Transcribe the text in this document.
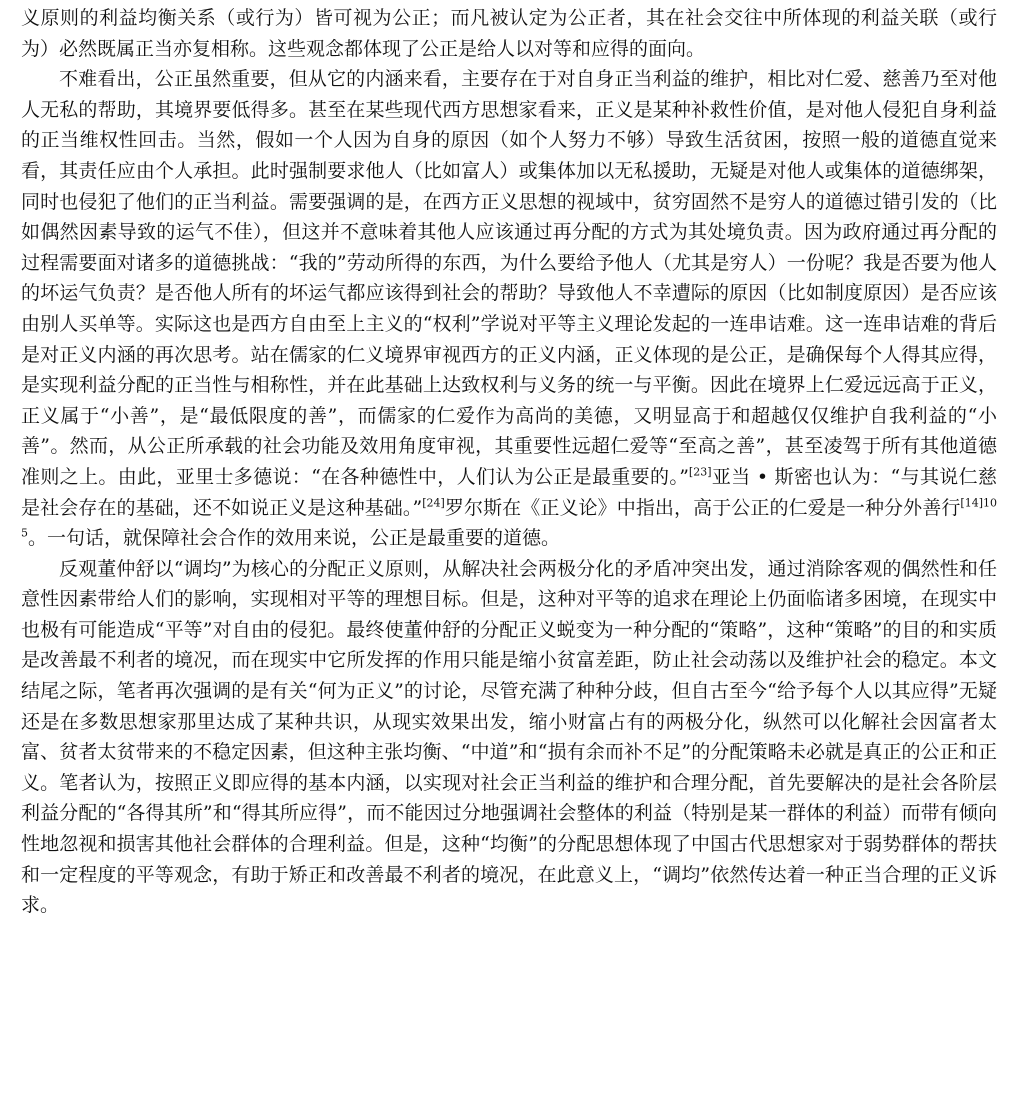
义原则的利益均衡关系（或行为）皆可视为公正；而凡被认定为公正者，其在社会交往中所体现的利益关联（或行为）必然既属正当亦复相称。这些观念都体现了公正是给人以对等和应得的面向。

不难看出，公正虽然重要，但从它的内涵来看，主要存在于对自身正当利益的维护，相比对仁爱、慈善乃至对他人无私的帮助，其境界要低得多。甚至在某些现代西方思想家看来，正义是某种补救性价值，是对他人侵犯自身利益的正当维权性回击。当然，假如一个人因为自身的原因（如个人努力不够）导致生活贫困，按照一般的道德直觉来看，其责任应由个人承担。此时强制要求他人（比如富人）或集体加以无私援助，无疑是对他人或集体的道德绑架，同时也侵犯了他们的正当利益。需要强调的是，在西方正义思想的视域中，贫穷固然不是穷人的道德过错引发的（比如偶然因素导致的运气不佳），但这并不意味着其他人应该通过再分配的方式为其处境负责。因为政府通过再分配的过程需要面对诸多的道德挑战：“我的”劳动所得的东西，为什么要给予他人（尤其是穷人）一份呢？我是否要为他人的坏运气负责？是否他人所有的坏运气都应该得到社会的帮助？导致他人不幸遭际的原因（比如制度原因）是否应该由别人买单等。实际这也是西方自由至上主义的“权利”学说对平等主义理论发起的一连串诘难。这一连串诘难的背后是对正义内涵的再次思考。站在儒家的仁义境界审视西方的正义内涵，正义体现的是公正，是确保每个人得其应得，是实现利益分配的正当性与相称性，并在此基础上达致权利与义务的统一与平衡。因此在境界上仁爱远远高于正义，正义属于“小善”，是“最低限度的善”，而儒家的仁爱作为高尚的美德，又明显高于和超越仅仅维护自我利益的“小善”。然而，从公正所承载的社会功能及效用角度审视，其重要性远超仁爱等“至高之善”，甚至凌驾于所有其他道德准则之上。由此，亚里士多德说：“在各种德性中，人们认为公正是最重要的。”[23]亚当 • 斯密也认为：“与其说仁慈是社会存在的基础，还不如说正义是这种基础。”[24]罗尔斯在《正义论》中指出，高于公正的仁爱是一种分外善行$^{[14]105}$。一句话，就保障社会合作的效用来说，公正是最重要的道德。

反观董仲舒以“调均”为核心的分配正义原则，从解决社会两极分化的矛盾冲突出发，通过消除客观的偶然性和任意性因素带给人们的影响，实现相对平等的理想目标。但是，这种对平等的追求在理论上仍面临诸多困境，在现实中也极有可能造成“平等”对自由的侵犯。最终使董仲舒的分配正义蜕变为一种分配的“策略”，这种“策略”的目的和实质是改善最不利者的境况，而在现实中它所发挥的作用只能是缩小贫富差距，防止社会动荡以及维护社会的稳定。本文结尾之际，笔者再次强调的是有关“何为正义”的讨论，尽管充满了种种分歧，但自古至今“给予每个人以其应得”无疑还是在多数思想家那里达成了某种共识，从现实效果出发，缩小财富占有的两极分化，纵然可以化解社会因富者太富、贫者太贫带来的不稳定因素，但这种主张均衡、“中道”和“损有余而补不足”的分配策略未必就是真正的公正和正义。笔者认为，按照正义即应得的基本内涵，以实现对社会正当利益的维护和合理分配，首先要解决的是社会各阶层利益分配的“各得其所”和“得其所应得”，而不能因过分地强调社会整体的利益（特别是某一群体的利益）而带有倾向性地忽视和损害其他社会群体的合理利益。但是，这种“均衡”的分配思想体现了中国古代思想家对于弱势群体的帮扶和一定程度的平等观念，有助于矫正和改善最不利者的境况，在此意义上，“调均”依然传达着一种正当合理的正义诉求。
